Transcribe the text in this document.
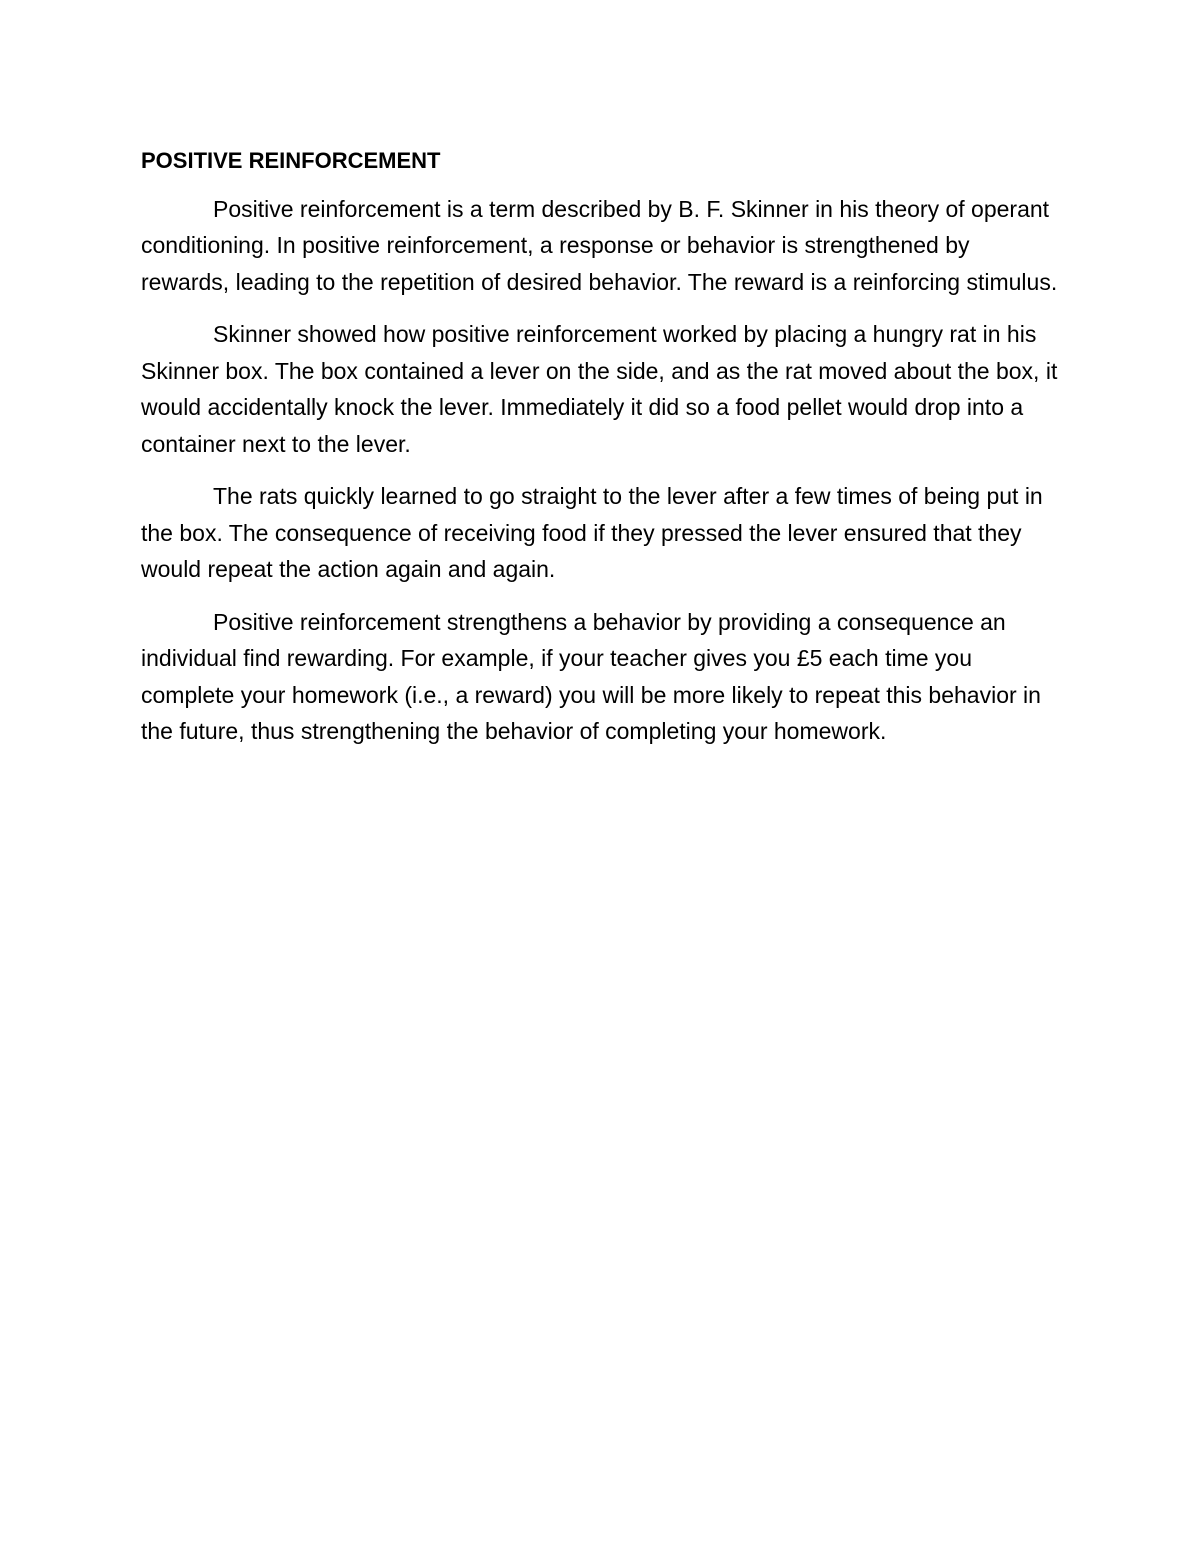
POSITIVE REINFORCEMENT

Positive reinforcement is a term described by B. F. Skinner in his theory of operant conditioning. In positive reinforcement, a response or behavior is strengthened by rewards, leading to the repetition of desired behavior. The reward is a reinforcing stimulus.

Skinner showed how positive reinforcement worked by placing a hungry rat in his Skinner box. The box contained a lever on the side, and as the rat moved about the box, it would accidentally knock the lever. Immediately it did so a food pellet would drop into a container next to the lever.

The rats quickly learned to go straight to the lever after a few times of being put in the box. The consequence of receiving food if they pressed the lever ensured that they would repeat the action again and again.

Positive reinforcement strengthens a behavior by providing a consequence an individual find rewarding. For example, if your teacher gives you £5 each time you complete your homework (i.e., a reward) you will be more likely to repeat this behavior in the future, thus strengthening the behavior of completing your homework.
